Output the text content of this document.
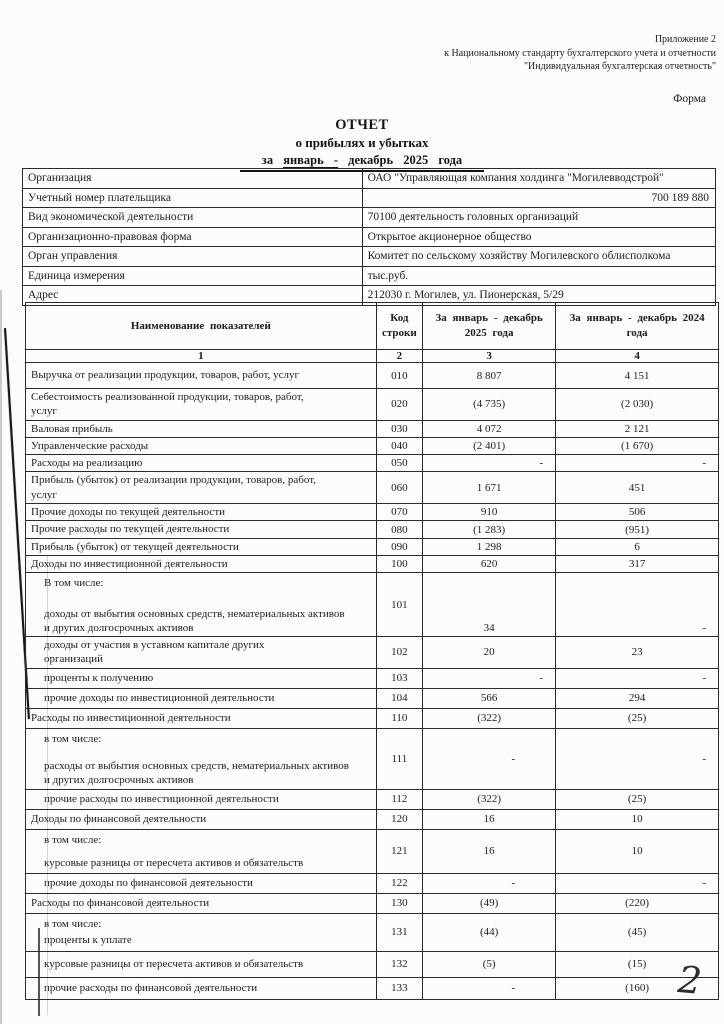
Приложение 2
к Национальному стандарту бухгалтерского учета и отчетности
"Индивидуальная бухгалтерская отчетность"
Форма
ОТЧЕТ
о прибылях и убытках
за январь - декабрь 2025 года
Организация	ОАО "Управляющая компания холдинга "Могилевводстрой"
Учетный номер плательщика	700 189 880
Вид экономической деятельности	70100 деятельность головных организаций
Организационно-правовая форма	Открытое акционерное общество
Орган управления	Комитет по сельскому хозяйству Могилевского облисполкома
Единица измерения	тыс.руб.
Адрес	212030 г. Могилев, ул. Пионерская, 5/29
Наименование показателей	Код строки	За январь - декабрь 2025 года	За январь - декабрь 2024 года
1	2	3	4

Выручка от реализации продукции, товаров, работ, услуг	010	8 807	4 151

Себестоимость реализованной продукции, товаров, работ, услуг	020	(4 735)	(2 030)

Валовая прибыль	030	4 072	2 121

Управленческие расходы	040	(2 401)	(1 670)

Расходы на реализацию	050	-	-

Прибыль (убыток) от реализации продукции, товаров, работ, услуг	060	1 671	451

Прочие доходы по текущей деятельности	070	910	506

Прочие расходы по текущей деятельности	080	(1 283)	(951)

Прибыль (убыток) от текущей деятельности	090	1 298	6

Доходы по инвестиционной деятельности	100	620	317

В том числе:
доходы от выбытия основных средств, нематериальных активов и других долгосрочных активов	101	34	-

доходы от участия в уставном капитале других организаций	102	20	23

проценты к получению	103	-	-

прочие доходы по инвестиционной деятельности	104	566	294

Расходы по инвестиционной деятельности	110	(322)	(25)

в том числе:
расходы от выбытия основных средств, нематериальных активов и других долгосрочных активов	111	-	-

прочие расходы по инвестиционной деятельности	112	(322)	(25)

Доходы по финансовой деятельности	120	16	10

в том числе:
курсовые разницы от пересчета активов и обязательств	121	16	10

прочие доходы по финансовой деятельности	122	-	-

Расходы по финансовой деятельности	130	(49)	(220)

в том числе:
проценты к уплате	131	(44)	(45)

курсовые разницы от пересчета активов и обязательств	132	(5)	(15)

прочие расходы по финансовой деятельности	133	-	(160) 2
